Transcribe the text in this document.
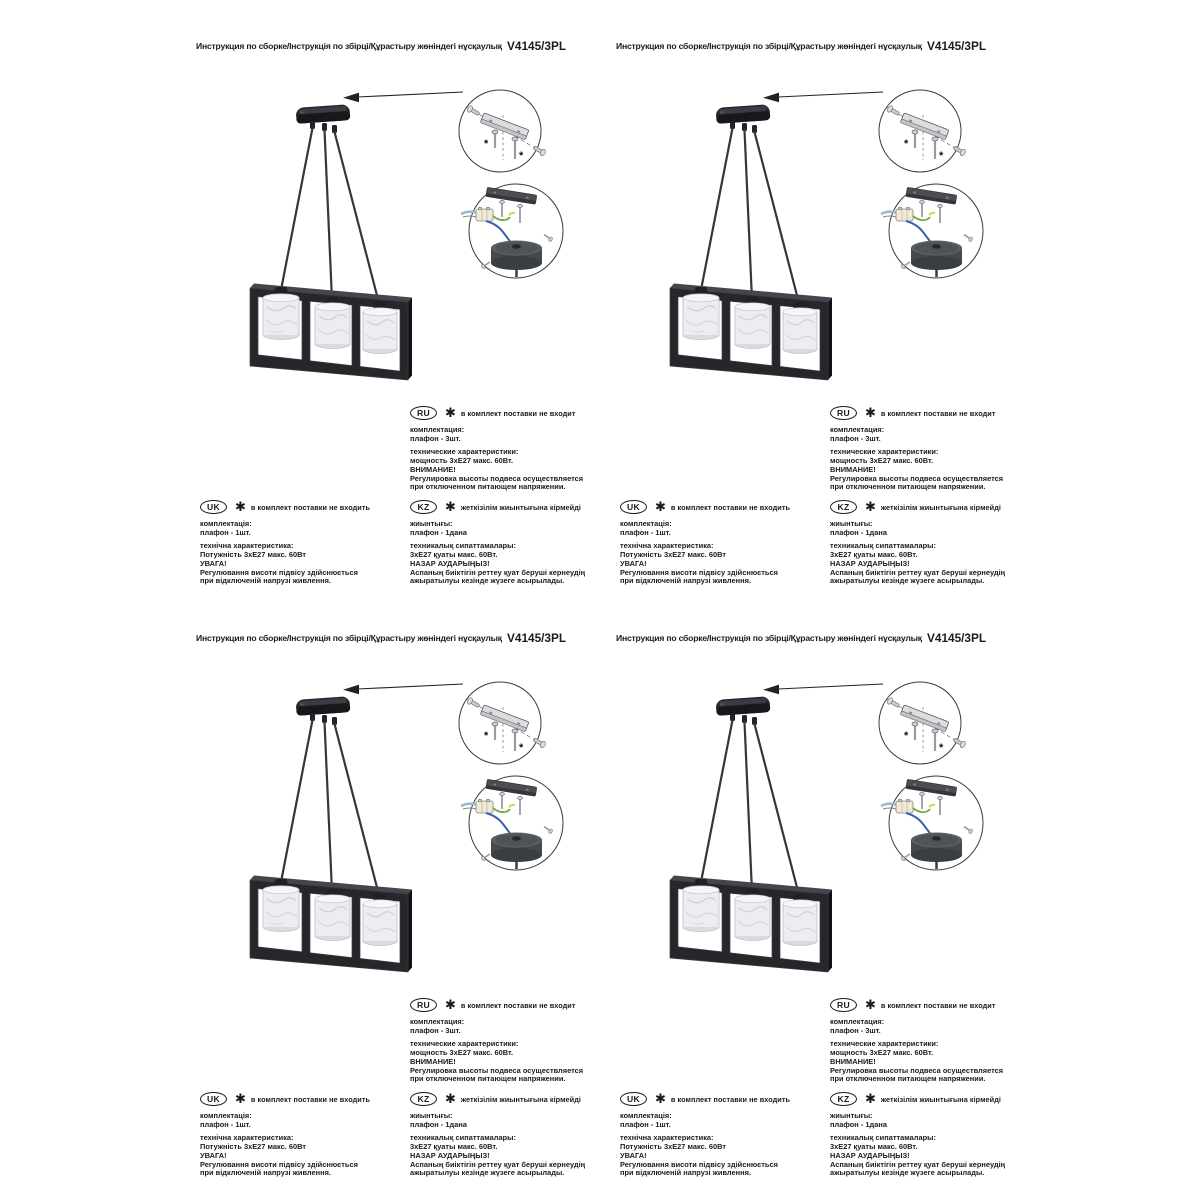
Инструкция по сборке/Інструкція по збірці/Құрастыру жөніндегі нұсқаулық V4145/3PL
*
*
RU	✱ в комплект поставки не входит
комплектация:
плафон - 3шт.
технические характеристики:
мощность 3хЕ27 макс. 60Вт.
ВНИМАНИЕ!
Регулировка высоты подвеса осуществляется
при отключенном питающем напряжении.
UK	✱ в комплект поставки не входить
комплектація:
плафон - 1шт.
технічна характеристика:
Потужність 3хЕ27 макс. 60Вт
УВАГА!
Регулювання висоти підвісу здійснюється
при відключеній напрузі живлення.
KZ	✱ жеткізілім жиынтығына кірмейді
жиынтығы:
плафон - 1дана
техникалық сипаттамалары:
3хЕ27 қуаты макс. 60Вт.
НАЗАР АУДАРЫҢЫЗ!
Аспаның биіктігін реттеу қуат беруші кернеудің
ажыратылуы кезінде жүзеге асырылады.
Инструкция по сборке/Інструкція по збірці/Құрастыру жөніндегі нұсқаулық V4145/3PL
*
*
RU	✱ в комплект поставки не входит
комплектация:
плафон - 3шт.
технические характеристики:
мощность 3хЕ27 макс. 60Вт.
ВНИМАНИЕ!
Регулировка высоты подвеса осуществляется
при отключенном питающем напряжении.
UK	✱ в комплект поставки не входить
комплектація:
плафон - 1шт.
технічна характеристика:
Потужність 3хЕ27 макс. 60Вт
УВАГА!
Регулювання висоти підвісу здійснюється
при відключеній напрузі живлення.
KZ	✱ жеткізілім жиынтығына кірмейді
жиынтығы:
плафон - 1дана
техникалық сипаттамалары:
3хЕ27 қуаты макс. 60Вт.
НАЗАР АУДАРЫҢЫЗ!
Аспаның биіктігін реттеу қуат беруші кернеудің
ажыратылуы кезінде жүзеге асырылады.
Инструкция по сборке/Інструкція по збірці/Құрастыру жөніндегі нұсқаулық V4145/3PL
*
*
RU	✱ в комплект поставки не входит
комплектация:
плафон - 3шт.
технические характеристики:
мощность 3хЕ27 макс. 60Вт.
ВНИМАНИЕ!
Регулировка высоты подвеса осуществляется
при отключенном питающем напряжении.
UK	✱ в комплект поставки не входить
комплектація:
плафон - 1шт.
технічна характеристика:
Потужність 3хЕ27 макс. 60Вт
УВАГА!
Регулювання висоти підвісу здійснюється
при відключеній напрузі живлення.
KZ	✱ жеткізілім жиынтығына кірмейді
жиынтығы:
плафон - 1дана
техникалық сипаттамалары:
3хЕ27 қуаты макс. 60Вт.
НАЗАР АУДАРЫҢЫЗ!
Аспаның биіктігін реттеу қуат беруші кернеудің
ажыратылуы кезінде жүзеге асырылады.
Инструкция по сборке/Інструкція по збірці/Құрастыру жөніндегі нұсқаулық V4145/3PL
*
*
RU	✱ в комплект поставки не входит
комплектация:
плафон - 3шт.
технические характеристики:
мощность 3хЕ27 макс. 60Вт.
ВНИМАНИЕ!
Регулировка высоты подвеса осуществляется
при отключенном питающем напряжении.
UK	✱ в комплект поставки не входить
комплектація:
плафон - 1шт.
технічна характеристика:
Потужність 3хЕ27 макс. 60Вт
УВАГА!
Регулювання висоти підвісу здійснюється
при відключеній напрузі живлення.
KZ	✱ жеткізілім жиынтығына кірмейді
жиынтығы:
плафон - 1дана
техникалық сипаттамалары:
3хЕ27 қуаты макс. 60Вт.
НАЗАР АУДАРЫҢЫЗ!
Аспаның биіктігін реттеу қуат беруші кернеудің
ажыратылуы кезінде жүзеге асырылады.
